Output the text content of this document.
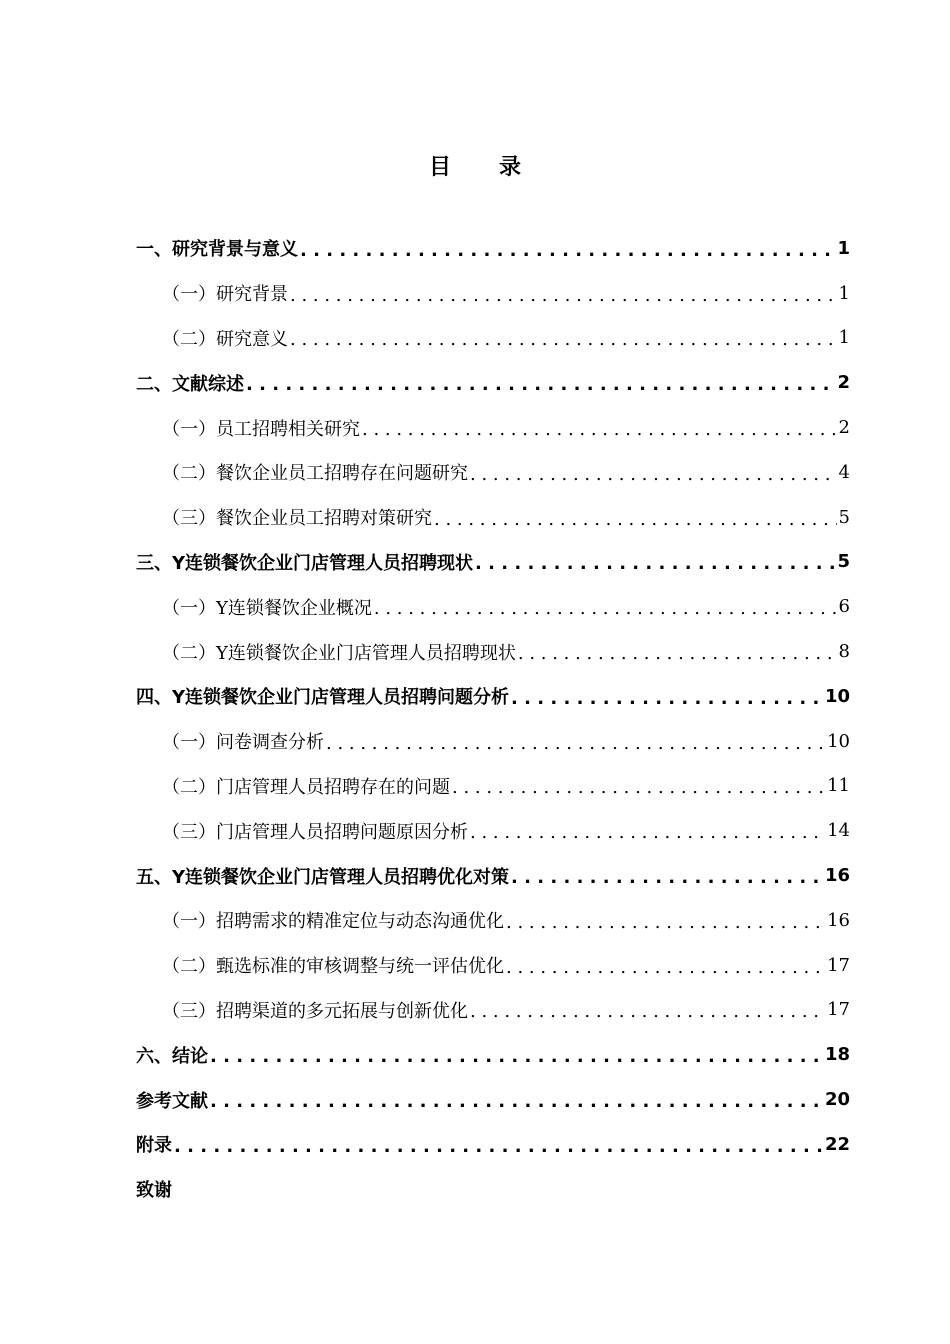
目 录
一、研究背景与意义 . . .	1
（一）研究背景 . . .	1
（二）研究意义 . . .	1
二、文献综述 . . .	2
（一）员工招聘相关研究 . . .	2
（二）餐饮企业员工招聘存在问题研究 . . .	4
（三）餐饮企业员工招聘对策研究 . . .	5
三、Y连锁餐饮企业门店管理人员招聘现状 . . .	5
（一）Y连锁餐饮企业概况 . . .	6
（二）Y连锁餐饮企业门店管理人员招聘现状 . . .	8
四、Y连锁餐饮企业门店管理人员招聘问题分析 . . .	10
（一）问卷调查分析 . . .	10
（二）门店管理人员招聘存在的问题 . . .	11
（三）门店管理人员招聘问题原因分析 . . .	14
五、Y连锁餐饮企业门店管理人员招聘优化对策 . . .	16
（一）招聘需求的精准定位与动态沟通优化 . . .	16
（二）甄选标准的审核调整与统一评估优化 . . .	17
（三）招聘渠道的多元拓展与创新优化 . . .	17
六、结论 . . .	18
参考文献 . . .	20
附录 . . .	22
致谢
